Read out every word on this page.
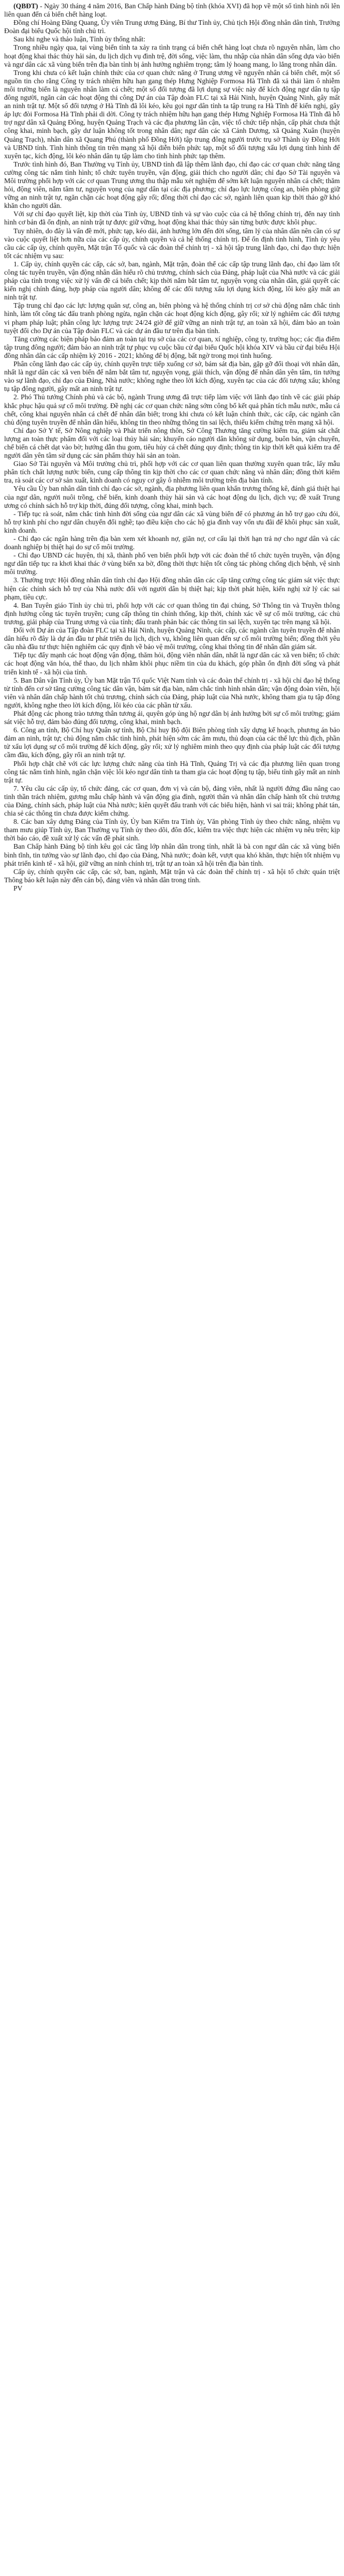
(QBĐT) - Ngày 30 tháng 4 năm 2016, Ban Chấp hành Đảng bộ tỉnh (khóa XVI) đã họp về một số tình hình nổi lên liên quan đến cá biển chết hàng loạt.

Đồng chí Hoàng Đăng Quang, Ủy viên Trung ương Đảng, Bí thư Tỉnh ủy, Chủ tịch Hội đồng nhân dân tỉnh, Trưởng Đoàn đại biểu Quốc hội tỉnh chủ trì.

Sau khi nghe và thảo luận, Tỉnh ủy thống nhất:

Trong nhiều ngày qua, tại vùng biển tỉnh ta xảy ra tình trạng cá biển chết hàng loạt chưa rõ nguyên nhân, làm cho hoạt động khai thác thủy hải sản, du lịch dịch vụ đình trệ, đời sống, việc làm, thu nhập của nhân dân sống dựa vào biển và ngư dân các xã vùng biển trên địa bàn tỉnh bị ảnh hưởng nghiêm trọng; tâm lý hoang mang, lo lắng trong nhân dân.

Trong khi chưa có kết luận chính thức của cơ quan chức năng ở Trung ương về nguyên nhân cá biển chết, một số nguồn tin cho rằng Công ty trách nhiệm hữu hạn gang thép Hưng Nghiệp Formosa Hà Tĩnh đã xả thải làm ô nhiễm môi trường biển là nguyên nhân làm cá chết; một số đối tượng đã lợi dụng sự việc này để kích động ngư dân tụ tập đông người, ngăn cản các hoạt động thi công Dự án của Tập đoàn FLC tại xã Hải Ninh, huyện Quảng Ninh, gây mất an ninh trật tự. Một số đối tượng ở Hà Tĩnh đã lôi kéo, kêu gọi ngư dân tỉnh ta tập trung ra Hà Tĩnh để kiến nghị, gây áp lực đòi Formosa Hà Tĩnh phải di dời. Công ty trách nhiệm hữu hạn gang thép Hưng Nghiệp Formosa Hà Tĩnh đã hỗ trợ ngư dân xã Quảng Đông, huyện Quảng Trạch và các địa phương lân cận, việc tổ chức tiếp nhận, cấp phát chưa thật công khai, minh bạch, gây dư luận không tốt trong nhân dân; ngư dân các xã Cảnh Dương, xã Quảng Xuân (huyện Quảng Trạch), nhân dân xã Quang Phú (thành phố Đồng Hới) tập trung đông người trước trụ sở Thành ủy Đồng Hới và UBND tỉnh. Tình hình thông tin trên mạng xã hội diễn biến phức tạp, một số đối tượng xấu lợi dụng tình hình để xuyên tạc, kích động, lôi kéo nhân dân tụ tập làm cho tình hình phức tạp thêm.

Trước tình hình đó, Ban Thường vụ Tỉnh ủy, UBND tỉnh đã lập thêm lãnh đạo, chỉ đạo các cơ quan chức năng tăng cường công tác nắm tình hình; tổ chức tuyên truyền, vận động, giải thích cho người dân; chỉ đạo Sở Tài nguyên và Môi trường phối hợp với các cơ quan Trung ương thu thập mẫu xét nghiệm để sớm kết luận nguyên nhân cá chết; thăm hỏi, động viên, nắm tâm tư, nguyện vọng của ngư dân tại các địa phương; chỉ đạo lực lượng công an, biên phòng giữ vững an ninh trật tự, ngăn chặn các hoạt động gây rối; đồng thời chỉ đạo các sở, ngành liên quan kịp thời tháo gỡ khó khăn cho người dân.

Với sự chỉ đạo quyết liệt, kịp thời của Tỉnh ủy, UBND tỉnh và sự vào cuộc của cả hệ thống chính trị, đến nay tình hình cơ bản đã ổn định, an ninh trật tự được giữ vững, hoạt động khai thác thủy sản từng bước được khôi phục.

Tuy nhiên, do đây là vấn đề mới, phức tạp, kéo dài, ảnh hưởng lớn đến đời sống, tâm lý của nhân dân nên cần có sự vào cuộc quyết liệt hơn nữa của các cấp ủy, chính quyền và cả hệ thống chính trị. Để ổn định tình hình, Tỉnh ủy yêu cầu các cấp ủy, chính quyền, Mặt trận Tổ quốc và các đoàn thể chính trị - xã hội tập trung lãnh đạo, chỉ đạo thực hiện tốt các nhiệm vụ sau:

1. Cấp ủy, chính quyền các cấp, các sở, ban, ngành, Mặt trận, đoàn thể các cấp tập trung lãnh đạo, chỉ đạo làm tốt công tác tuyên truyền, vận động nhân dân hiểu rõ chủ trương, chính sách của Đảng, pháp luật của Nhà nước và các giải pháp của tỉnh trong việc xử lý vấn đề cá biển chết; kịp thời nắm bắt tâm tư, nguyện vọng của nhân dân, giải quyết các kiến nghị chính đáng, hợp pháp của người dân; không để các đối tượng xấu lợi dụng kích động, lôi kéo gây mất an ninh trật tự.

Tập trung chỉ đạo các lực lượng quân sự, công an, biên phòng và hệ thống chính trị cơ sở chủ động nắm chắc tình hình, làm tốt công tác đấu tranh phòng ngừa, ngăn chặn các hoạt động kích động, gây rối; xử lý nghiêm các đối tượng vi phạm pháp luật; phân công lực lượng trực 24/24 giờ để giữ vững an ninh trật tự, an toàn xã hội, đảm bảo an toàn tuyệt đối cho Dự án của Tập đoàn FLC và các dự án đầu tư trên địa bàn tỉnh.

Tăng cường các biện pháp bảo đảm an toàn tại trụ sở của các cơ quan, xí nghiệp, công ty, trường học; các địa điểm tập trung đông người; đảm bảo an ninh trật tự phục vụ cuộc bầu cử đại biểu Quốc hội khóa XIV và bầu cử đại biểu Hội đồng nhân dân các cấp nhiệm kỳ 2016 - 2021; không để bị động, bất ngờ trong mọi tình huống.

Phân công lãnh đạo các cấp ủy, chính quyền trực tiếp xuống cơ sở, bám sát địa bàn, gặp gỡ đối thoại với nhân dân, nhất là ngư dân các xã ven biển để nắm bắt tâm tư, nguyện vọng, giải thích, vận động để nhân dân yên tâm, tin tưởng vào sự lãnh đạo, chỉ đạo của Đảng, Nhà nước; không nghe theo lời kích động, xuyên tạc của các đối tượng xấu; không tụ tập đông người, gây mất an ninh trật tự.

2. Phó Thủ tướng Chính phủ và các bộ, ngành Trung ương đã trực tiếp làm việc với lãnh đạo tỉnh về các giải pháp khắc phục hậu quả sự cố môi trường. Đề nghị các cơ quan chức năng sớm công bố kết quả phân tích mẫu nước, mẫu cá chết, công khai nguyên nhân cá chết để nhân dân biết; trong khi chưa có kết luận chính thức, các cấp, các ngành cần chủ động tuyên truyền để nhân dân hiểu, không tin theo những thông tin sai lệch, thiếu kiểm chứng trên mạng xã hội.

Chỉ đạo Sở Y tế, Sở Nông nghiệp và Phát triển nông thôn, Sở Công Thương tăng cường kiểm tra, giám sát chất lượng an toàn thực phẩm đối với các loại thủy hải sản; khuyến cáo người dân không sử dụng, buôn bán, vận chuyển, chế biến cá chết dạt vào bờ; hướng dẫn thu gom, tiêu hủy cá chết đúng quy định; thông tin kịp thời kết quả kiểm tra để người dân yên tâm sử dụng các sản phẩm thủy hải sản an toàn.

Giao Sở Tài nguyên và Môi trường chủ trì, phối hợp với các cơ quan liên quan thường xuyên quan trắc, lấy mẫu phân tích chất lượng nước biển, cung cấp thông tin kịp thời cho các cơ quan chức năng và nhân dân; đồng thời kiểm tra, rà soát các cơ sở sản xuất, kinh doanh có nguy cơ gây ô nhiễm môi trường trên địa bàn tỉnh.

Yêu cầu Ủy ban nhân dân tỉnh chỉ đạo các sở, ngành, địa phương liên quan khẩn trương thống kê, đánh giá thiệt hại của ngư dân, người nuôi trồng, chế biến, kinh doanh thủy hải sản và các hoạt động du lịch, dịch vụ; đề xuất Trung ương có chính sách hỗ trợ kịp thời, đúng đối tượng, công khai, minh bạch.

- Tiếp tục rà soát, nắm chắc tình hình đời sống của ngư dân các xã vùng biển để có phương án hỗ trợ gạo cứu đói, hỗ trợ kinh phí cho ngư dân chuyển đổi nghề; tạo điều kiện cho các hộ gia đình vay vốn ưu đãi để khôi phục sản xuất, kinh doanh.

- Chỉ đạo các ngân hàng trên địa bàn xem xét khoanh nợ, giãn nợ, cơ cấu lại thời hạn trả nợ cho ngư dân và các doanh nghiệp bị thiệt hại do sự cố môi trường.

- Chỉ đạo UBND các huyện, thị xã, thành phố ven biển phối hợp với các đoàn thể tổ chức tuyên truyền, vận động ngư dân tiếp tục ra khơi khai thác ở vùng biển xa bờ, đồng thời thực hiện tốt công tác phòng chống dịch bệnh, vệ sinh môi trường.

3. Thường trực Hội đồng nhân dân tỉnh chỉ đạo Hội đồng nhân dân các cấp tăng cường công tác giám sát việc thực hiện các chính sách hỗ trợ của Nhà nước đối với người dân bị thiệt hại; kịp thời phát hiện, kiến nghị xử lý các sai phạm, tiêu cực.

4. Ban Tuyên giáo Tỉnh ủy chủ trì, phối hợp với các cơ quan thông tin đại chúng, Sở Thông tin và Truyền thông định hướng công tác tuyên truyền; cung cấp thông tin chính thống, kịp thời, chính xác về sự cố môi trường, các chủ trương, giải pháp của Trung ương và của tỉnh; đấu tranh phản bác các thông tin sai lệch, xuyên tạc trên mạng xã hội.

Đối với Dự án của Tập đoàn FLC tại xã Hải Ninh, huyện Quảng Ninh, các cấp, các ngành cần tuyên truyền để nhân dân hiểu rõ đây là dự án đầu tư phát triển du lịch, dịch vụ, không liên quan đến sự cố môi trường biển; đồng thời yêu cầu nhà đầu tư thực hiện nghiêm các quy định về bảo vệ môi trường, công khai thông tin để nhân dân giám sát.

Tiếp tục đẩy mạnh các hoạt động vận động, thăm hỏi, động viên nhân dân, nhất là ngư dân các xã ven biển; tổ chức các hoạt động văn hóa, thể thao, du lịch nhằm khôi phục niềm tin của du khách, góp phần ổn định đời sống và phát triển kinh tế - xã hội của tỉnh.

5. Ban Dân vận Tỉnh ủy, Ủy ban Mặt trận Tổ quốc Việt Nam tỉnh và các đoàn thể chính trị - xã hội chỉ đạo hệ thống từ tỉnh đến cơ sở tăng cường công tác dân vận, bám sát địa bàn, nắm chắc tình hình nhân dân; vận động đoàn viên, hội viên và nhân dân chấp hành tốt chủ trương, chính sách của Đảng, pháp luật của Nhà nước, không tham gia tụ tập đông người, không nghe theo lời kích động, lôi kéo của các phần tử xấu.

Phát động các phong trào tương thân tương ái, quyên góp ủng hộ ngư dân bị ảnh hưởng bởi sự cố môi trường; giám sát việc hỗ trợ, đảm bảo đúng đối tượng, công khai, minh bạch.

6. Công an tỉnh, Bộ Chỉ huy Quân sự tỉnh, Bộ Chỉ huy Bộ đội Biên phòng tỉnh xây dựng kế hoạch, phương án bảo đảm an ninh, trật tự; chủ động nắm chắc tình hình, phát hiện sớm các âm mưu, thủ đoạn của các thế lực thù địch, phần tử xấu lợi dụng sự cố môi trường để kích động, gây rối; xử lý nghiêm minh theo quy định của pháp luật các đối tượng cầm đầu, kích động, gây rối an ninh trật tự.

Phối hợp chặt chẽ với các lực lượng chức năng của tỉnh Hà Tĩnh, Quảng Trị và các địa phương liên quan trong công tác nắm tình hình, ngăn chặn việc lôi kéo ngư dân tỉnh ta tham gia các hoạt động tụ tập, biểu tình gây mất an ninh trật tự.

7. Yêu cầu các cấp ủy, tổ chức đảng, các cơ quan, đơn vị và cán bộ, đảng viên, nhất là người đứng đầu nâng cao tinh thần trách nhiệm, gương mẫu chấp hành và vận động gia đình, người thân và nhân dân chấp hành tốt chủ trương của Đảng, chính sách, pháp luật của Nhà nước; kiên quyết đấu tranh với các biểu hiện, hành vi sai trái; không phát tán, chia sẻ các thông tin chưa được kiểm chứng.

8. Các ban xây dựng Đảng của Tỉnh ủy, Ủy ban Kiểm tra Tỉnh ủy, Văn phòng Tỉnh ủy theo chức năng, nhiệm vụ tham mưu giúp Tỉnh ủy, Ban Thường vụ Tỉnh ủy theo dõi, đôn đốc, kiểm tra việc thực hiện các nhiệm vụ nêu trên; kịp thời báo cáo, đề xuất xử lý các vấn đề phát sinh.

Ban Chấp hành Đảng bộ tỉnh kêu gọi các tầng lớp nhân dân trong tỉnh, nhất là bà con ngư dân các xã vùng biển bình tĩnh, tin tưởng vào sự lãnh đạo, chỉ đạo của Đảng, Nhà nước; đoàn kết, vượt qua khó khăn, thực hiện tốt nhiệm vụ phát triển kinh tế - xã hội, giữ vững an ninh chính trị, trật tự an toàn xã hội trên địa bàn tỉnh.

Cấp ủy, chính quyền các cấp, các sở, ban, ngành, Mặt trận và các đoàn thể chính trị - xã hội tổ chức quán triệt Thông báo kết luận này đến cán bộ, đảng viên và nhân dân trong tỉnh.

PV
